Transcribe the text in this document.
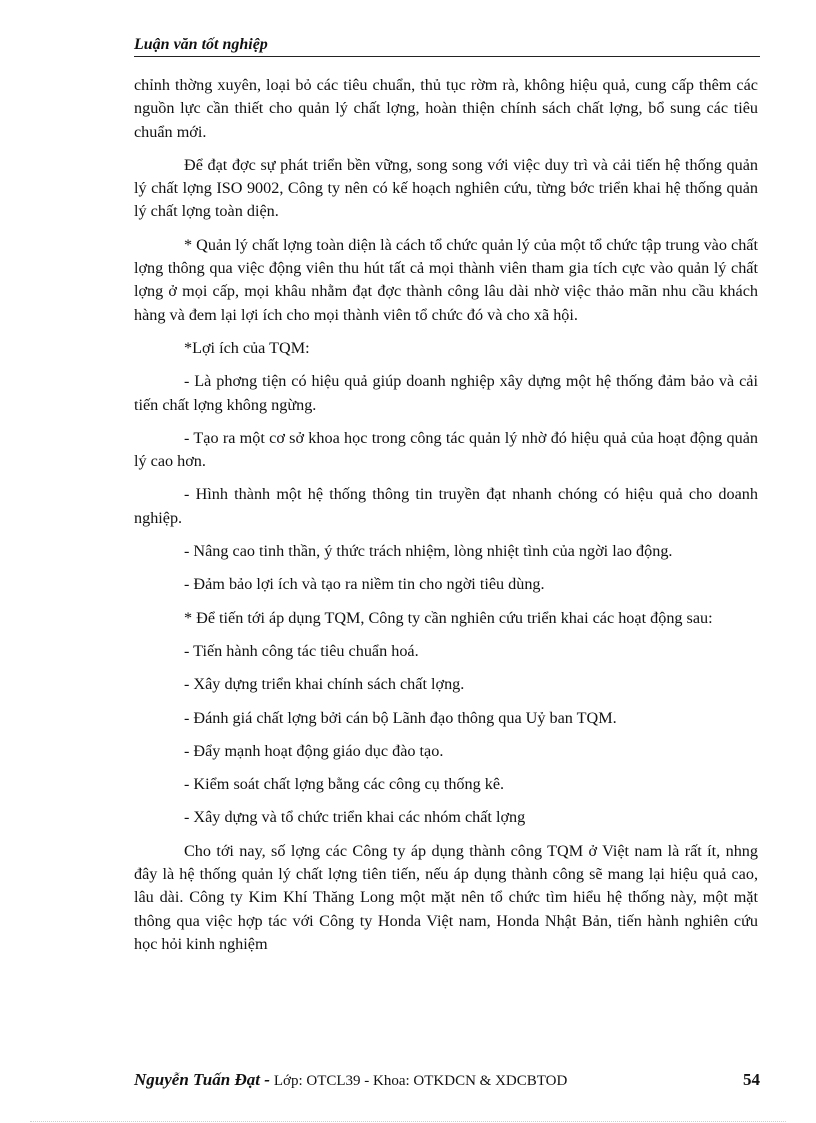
Luận văn tốt nghiệp

chỉnh thờng xuyên, loại bỏ các tiêu chuẩn, thủ tục rờm rà, không hiệu quả, cung cấp thêm các nguồn lực cần thiết cho quản lý chất lợng, hoàn thiện chính sách chất lợng, bổ sung các tiêu chuẩn mới.

Để đạt đợc sự phát triển bền vững, song song với việc duy trì và cải tiến hệ thống quản lý chất lợng ISO 9002, Công ty nên có kế hoạch nghiên cứu, từng bớc triển khai hệ thống quản lý chất lợng toàn diện.

* Quản lý chất lợng toàn diện là cách tổ chức quản lý của một tổ chức tập trung vào chất lợng thông qua việc động viên thu hút tất cả mọi thành viên tham gia tích cực vào quản lý chất lợng ở mọi cấp, mọi khâu nhằm đạt đợc thành công lâu dài nhờ việc thảo mãn nhu cầu khách hàng và đem lại lợi ích cho mọi thành viên tổ chức đó và cho xã hội.

*Lợi ích của TQM:

- Là phơng tiện có hiệu quả giúp doanh nghiệp xây dựng một hệ thống đảm bảo và cải tiến chất lợng không ngừng.

- Tạo ra một cơ sở khoa học trong công tác quản lý nhờ đó hiệu quả của hoạt động quản lý cao hơn.

- Hình thành một hệ thống thông tin truyền đạt nhanh chóng có hiệu quả cho doanh nghiệp.

- Nâng cao tinh thần, ý thức trách nhiệm, lòng nhiệt tình của ngời lao động.

- Đảm bảo lợi ích và tạo ra niềm tin cho ngời tiêu dùng.

* Để tiến tới áp dụng TQM, Công ty cần nghiên cứu triển khai các hoạt động sau:

- Tiến hành công tác tiêu chuẩn hoá.

- Xây dựng triển khai chính sách chất lợng.

- Đánh giá chất lợng bởi cán bộ Lãnh đạo thông qua Uỷ ban TQM.

- Đẩy mạnh hoạt động giáo dục đào tạo.

- Kiểm soát chất lợng bằng các công cụ thống kê.

- Xây dựng và tổ chức triển khai các nhóm chất lợng

Cho tới nay, số lợng các Công ty áp dụng thành công TQM ở Việt nam là rất ít, nhng đây là hệ thống quản lý chất lợng tiên tiến, nếu áp dụng thành công sẽ mang lại hiệu quả cao, lâu dài. Công ty Kim Khí Thăng Long một mặt nên tổ chức tìm hiểu hệ thống này, một mặt thông qua việc hợp tác với Công ty Honda Việt nam, Honda Nhật Bản, tiến hành nghiên cứu học hỏi kinh nghiệm

Nguyễn Tuấn Đạt - Lớp: OTCL39 - Khoa: OTKDCN & XDCBTOD	54
